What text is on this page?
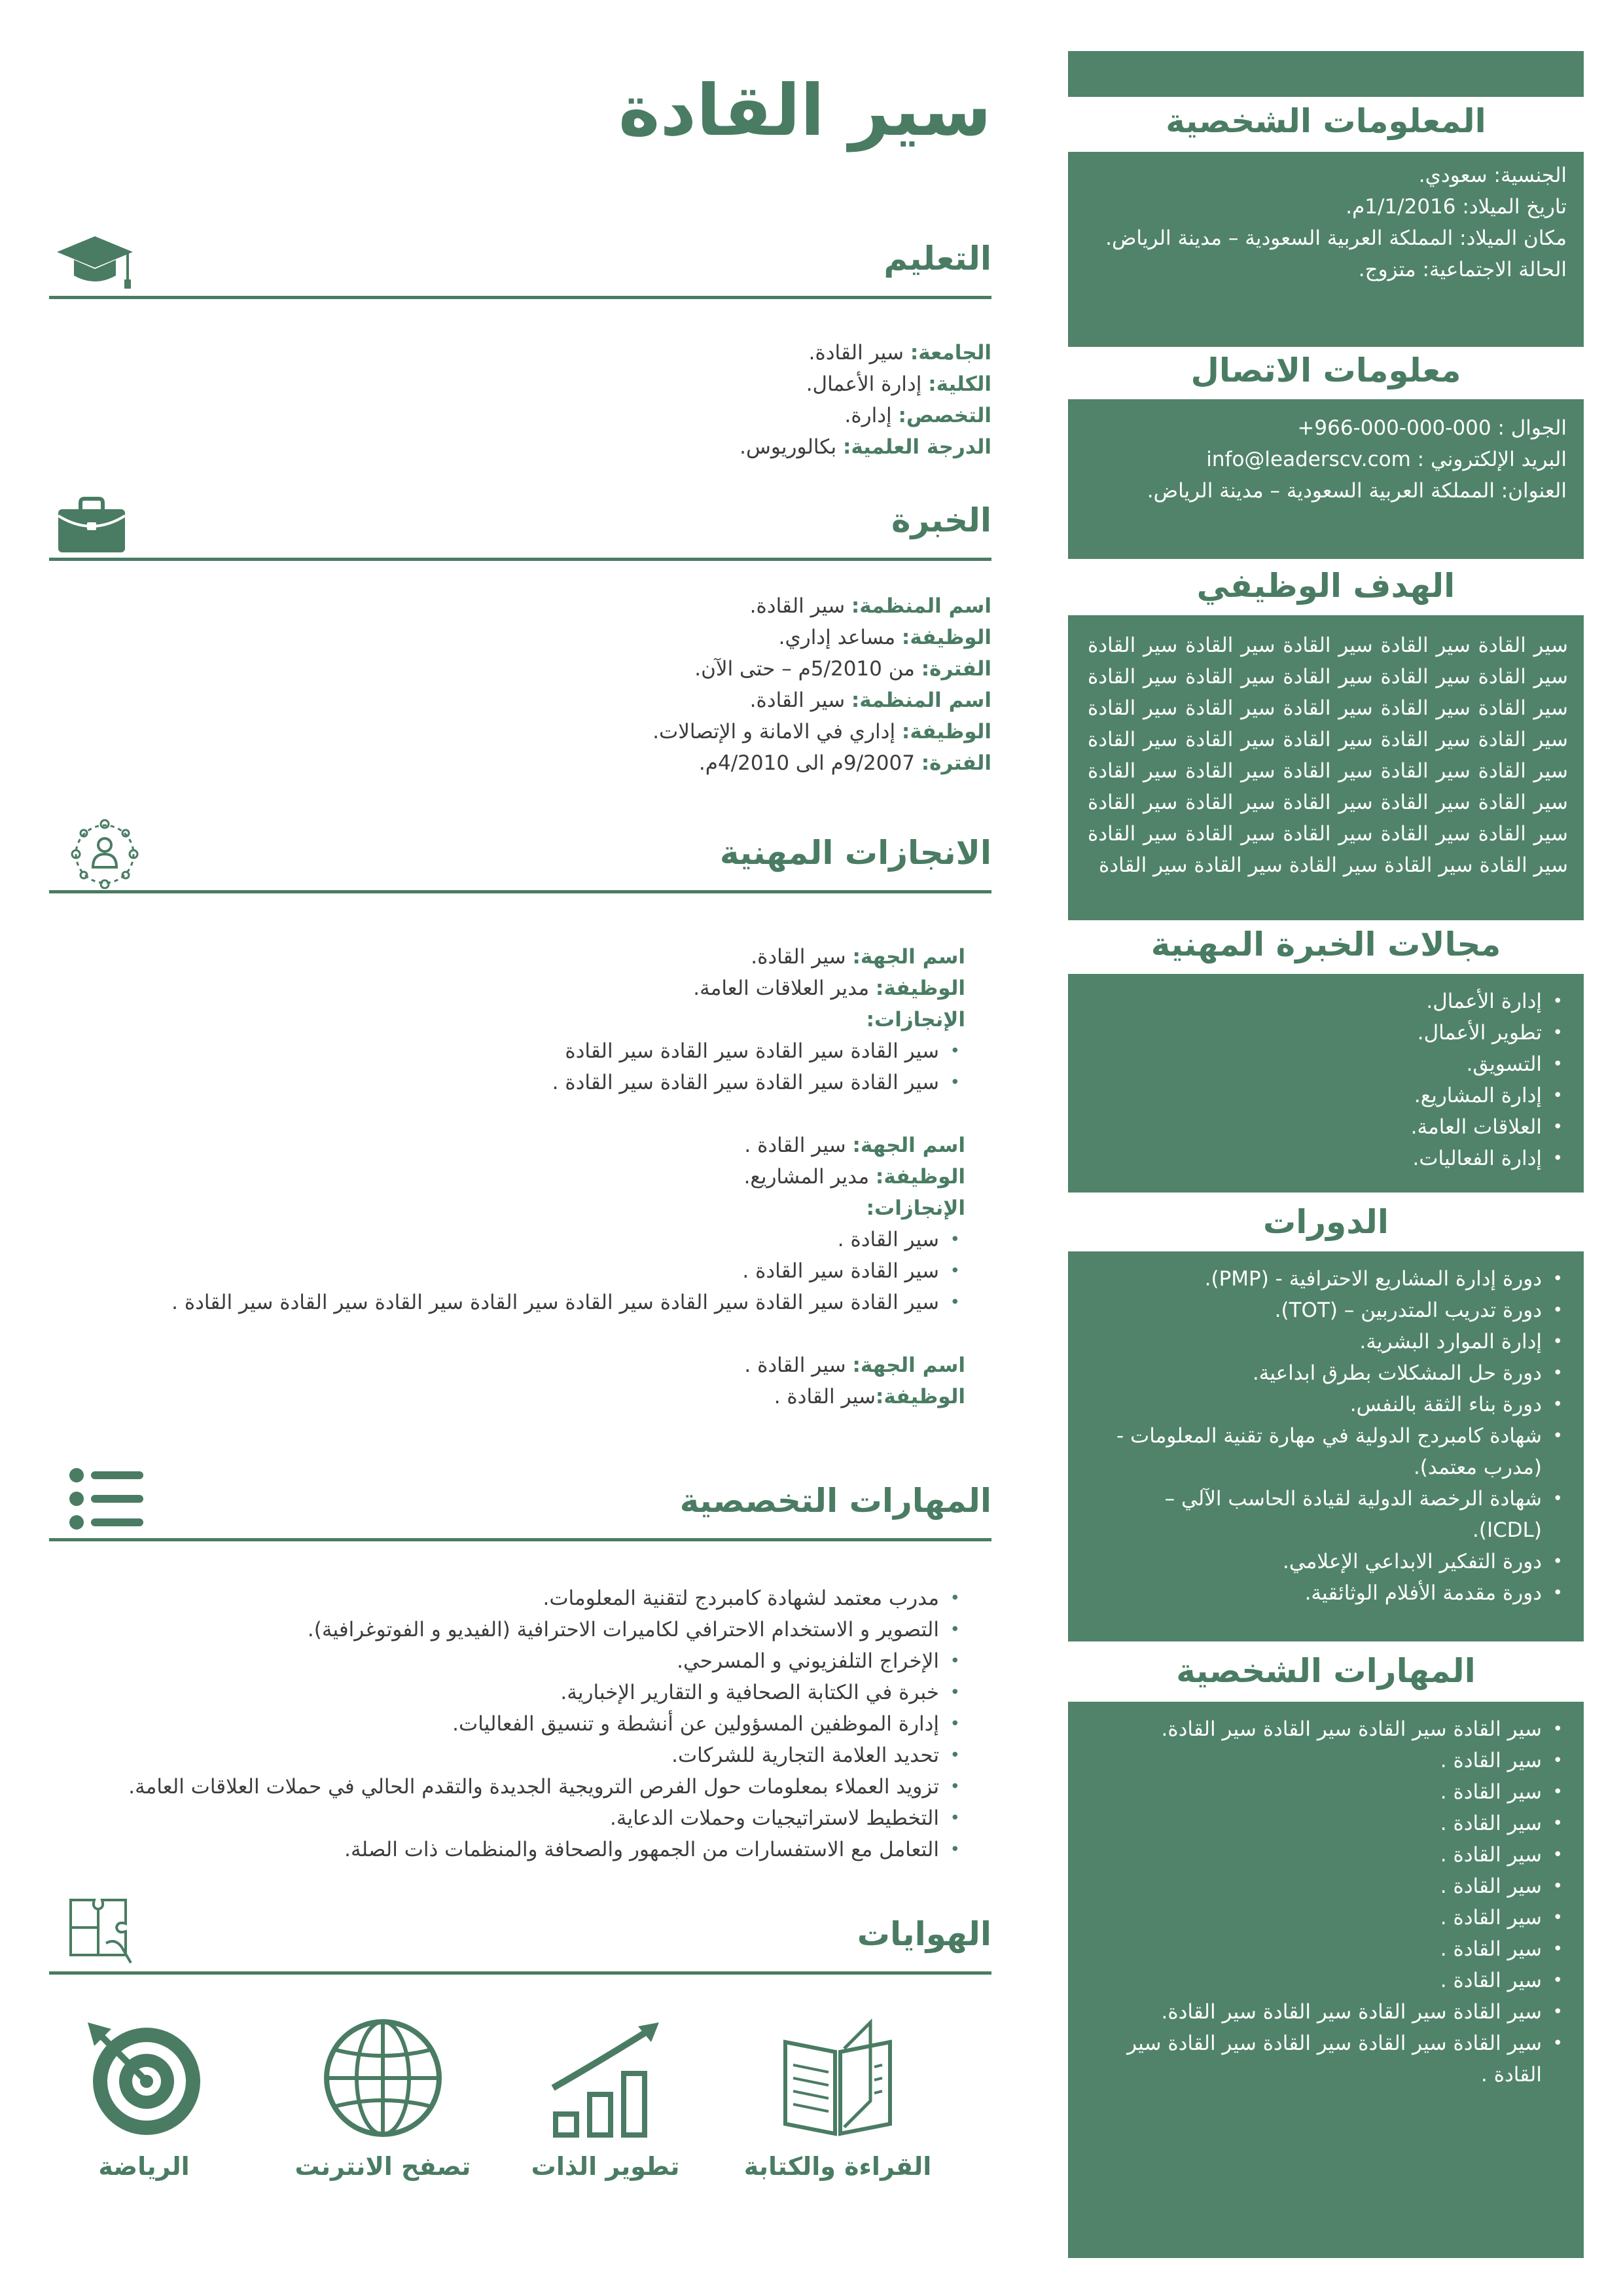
المعلومات الشخصية
الجنسية: سعودي.
تاريخ الميلاد: 1/1/2016م.
مكان الميلاد: المملكة العربية السعودية – مدينة الرياض.
الحالة الاجتماعية: متزوج.
معلومات الاتصال
الجوال : 000-000-000-966+
البريد الإلكتروني : info@leaderscv.com
العنوان: المملكة العربية السعودية – مدينة الرياض.
الهدف الوظيفي
سير القادة سير القادة سير القادة سير القادة سير القادة سير القادة سير القادة سير القادة سير القادة سير القادة سير القادة سير القادة سير القادة سير القادة سير القادة سير القادة سير القادة سير القادة سير القادة سير القادة سير القادة سير القادة سير القادة سير القادة سير القادة سير القادة سير القادة سير القادة سير القادة سير القادة سير القادة سير القادة سير القادة سير القادة سير القادة سير القادة سير القادة سير القادة سير القادة سير القادة
مجالات الخبرة المهنية
• إدارة الأعمال.
• تطوير الأعمال.
• التسويق.
• إدارة المشاريع.
• العلاقات العامة.
• إدارة الفعاليات.
الدورات
• دورة إدارة المشاريع الاحترافية - (PMP).
• دورة تدريب المتدربين – (TOT).
• إدارة الموارد البشرية.
• دورة حل المشكلات بطرق ابداعية.
• دورة بناء الثقة بالنفس.
• شهادة كامبردج الدولية في مهارة تقنية المعلومات - (مدرب معتمد).
• شهادة الرخصة الدولية لقيادة الحاسب الآلي – (ICDL).
• دورة التفكير الابداعي الإعلامي.
• دورة مقدمة الأفلام الوثائقية.
المهارات الشخصية
• سير القادة سير القادة سير القادة سير القادة.
• سير القادة .
• سير القادة .
• سير القادة .
• سير القادة .
• سير القادة .
• سير القادة .
• سير القادة .
• سير القادة .
• سير القادة سير القادة سير القادة سير القادة.
• سير القادة سير القادة سير القادة سير القادة سير القادة .
سير القادة
التعليم
الجامعة: سير القادة.
الكلية: إدارة الأعمال.
التخصص: إدارة.
الدرجة العلمية: بكالوريوس.
الخبرة
اسم المنظمة: سير القادة.
الوظيفة: مساعد إداري.
الفترة: من 5/2010م – حتى الآن.
اسم المنظمة: سير القادة.
الوظيفة: إداري في الامانة و الإتصالات.
الفترة: 9/2007م الى 4/2010م.
الانجازات المهنية
اسم الجهة: سير القادة.
الوظيفة: مدير العلاقات العامة.
الإنجازات:
• سير القادة سير القادة سير القادة سير القادة
• سير القادة سير القادة سير القادة سير القادة .
اسم الجهة: سير القادة .
الوظيفة: مدير المشاريع.
الإنجازات:
• سير القادة .
• سير القادة سير القادة .
• سير القادة سير القادة سير القادة سير القادة سير القادة سير القادة سير القادة سير القادة .
اسم الجهة: سير القادة .
الوظيفة:سير القادة .
المهارات التخصصية
• مدرب معتمد لشهادة كامبردج لتقنية المعلومات.
• التصوير و الاستخدام الاحترافي لكاميرات الاحترافية (الفيديو و الفوتوغرافية).
• الإخراج التلفزيوني و المسرحي.
• خبرة في الكتابة الصحافية و التقارير الإخبارية.
• إدارة الموظفين المسؤولين عن أنشطة و تنسيق الفعاليات.
• تحديد العلامة التجارية للشركات.
• تزويد العملاء بمعلومات حول الفرص الترويجية الجديدة والتقدم الحالي في حملات العلاقات العامة.
• التخطيط لاستراتيجيات وحملات الدعاية.
• التعامل مع الاستفسارات من الجمهور والصحافة والمنظمات ذات الصلة.
الهوايات
القراءة والكتابة
تطوير الذات
تصفح الانترنت
الرياضة
